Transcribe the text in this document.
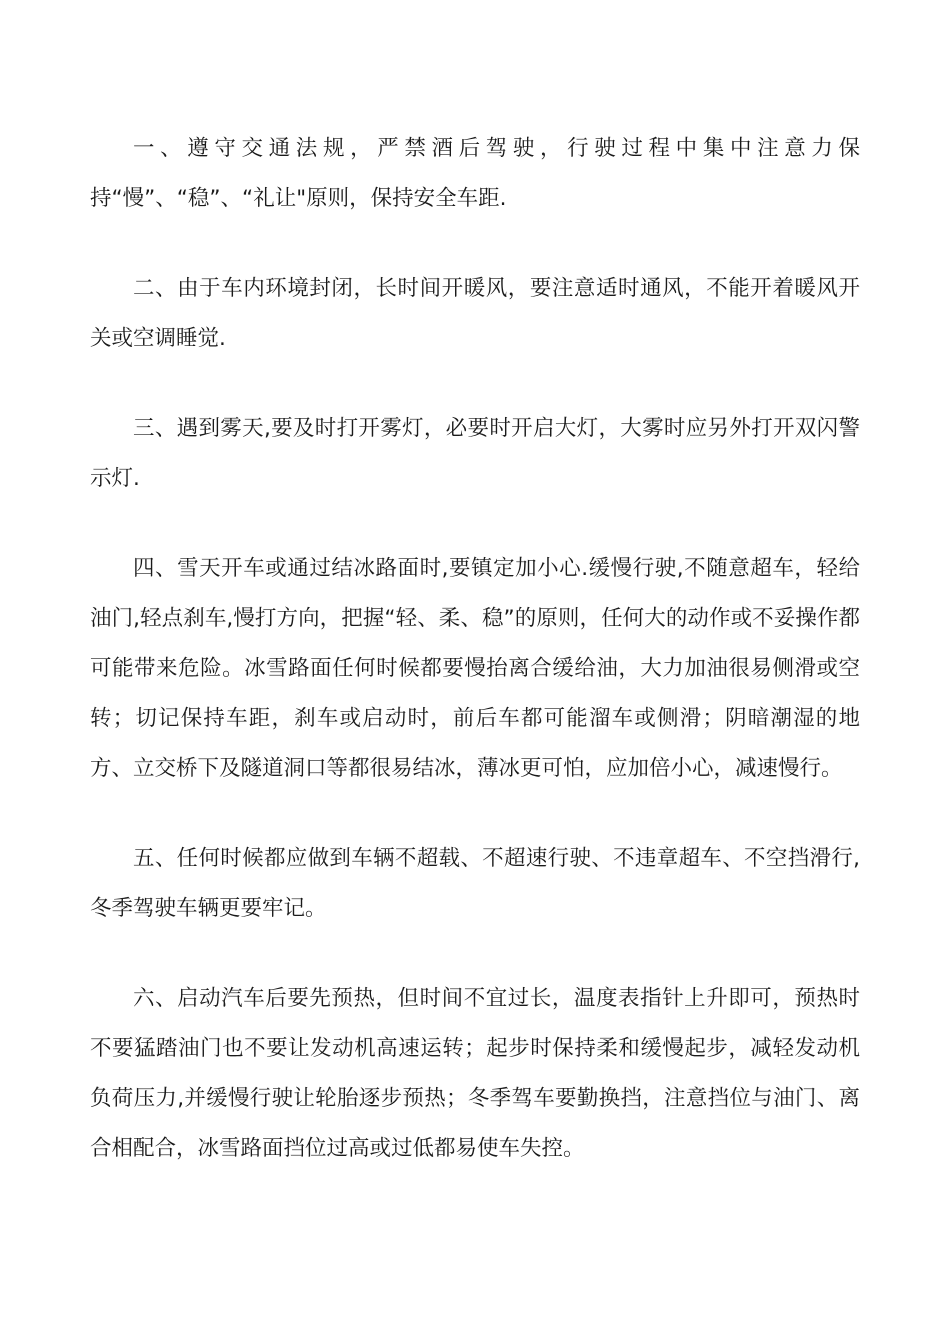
一、遵守交通法规，严禁酒后驾驶，行驶过程中集中注意力保持“慢”、“稳”、“礼让"原则，保持安全车距.

二、由于车内环境封闭，长时间开暖风，要注意适时通风，不能开着暖风开关或空调睡觉.

三、遇到雾天,要及时打开雾灯，必要时开启大灯，大雾时应另外打开双闪警示灯.

四、雪天开车或通过结冰路面时,要镇定加小心.缓慢行驶,不随意超车，轻给油门,轻点刹车,慢打方向，把握“轻、柔、稳”的原则，任何大的动作或不妥操作都可能带来危险。冰雪路面任何时候都要慢抬离合缓给油，大力加油很易侧滑或空转；切记保持车距，刹车或启动时，前后车都可能溜车或侧滑；阴暗潮湿的地方、立交桥下及隧道洞口等都很易结冰，薄冰更可怕，应加倍小心，减速慢行。

五、任何时候都应做到车辆不超载、不超速行驶、不违章超车、不空挡滑行,冬季驾驶车辆更要牢记。

六、启动汽车后要先预热，但时间不宜过长，温度表指针上升即可，预热时不要猛踏油门也不要让发动机高速运转；起步时保持柔和缓慢起步，减轻发动机负荷压力,并缓慢行驶让轮胎逐步预热；冬季驾车要勤换挡，注意挡位与油门、离合相配合，冰雪路面挡位过高或过低都易使车失控。
